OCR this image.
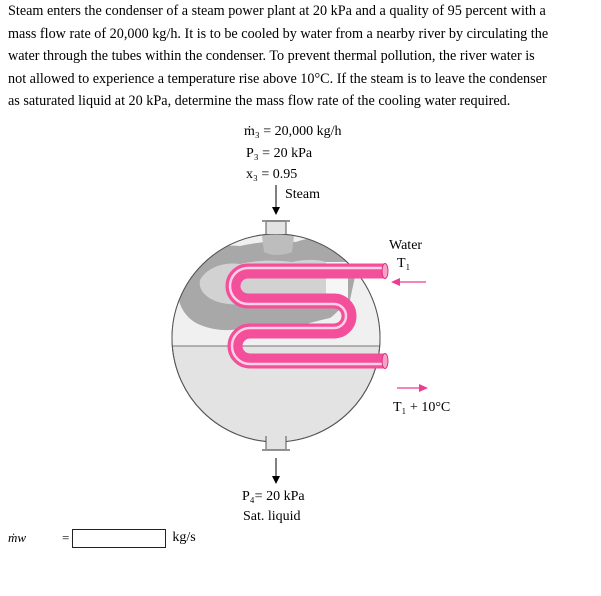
Steam enters the condenser of a steam power plant at 20 kPa and a quality of 95 percent with a
mass flow rate of 20,000 kg/h. It is to be cooled by water from a nearby river by circulating the
water through the tubes within the condenser. To prevent thermal pollution, the river water is
not allowed to experience a temperature rise above 10°C. If the steam is to leave the condenser
as saturated liquid at 20 kPa, determine the mass flow rate of the cooling water required.
ṁ₃ = 20,000 kg/h
P₃ = 20 kPa
x₃ = 0.95
Steam
Water
T₁
T₁ + 10°C
P₄= 20 kPa
Sat. liquid
ṁw	=	kg/s
